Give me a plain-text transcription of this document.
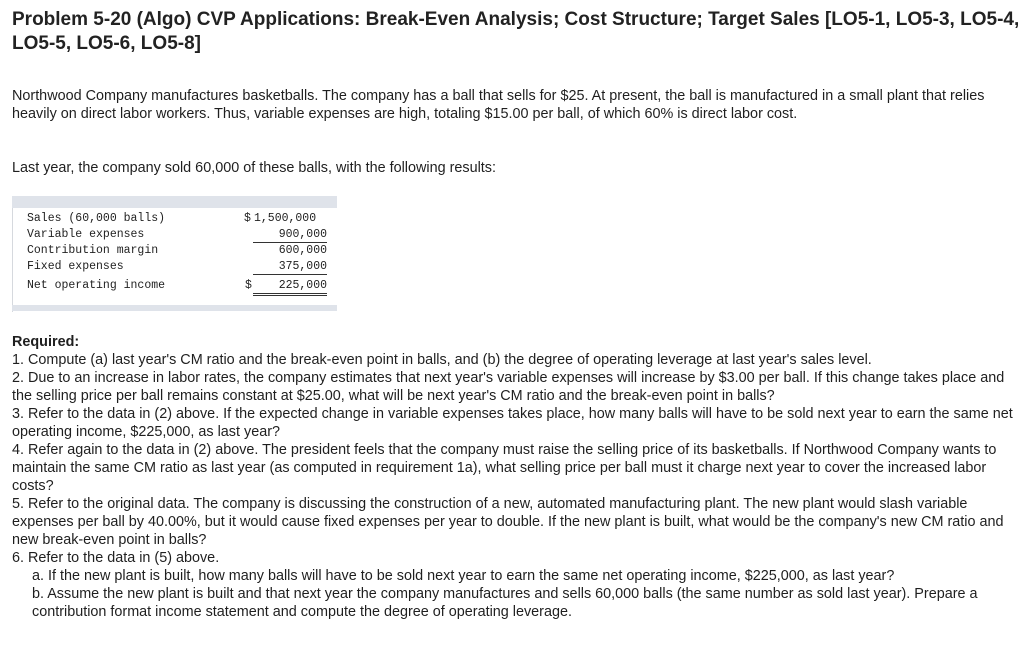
Problem 5-20 (Algo) CVP Applications: Break-Even Analysis; Cost Structure; Target Sales [LO5-1, LO5-3, LO5-4, LO5-5, LO5-6, LO5-8]

Northwood Company manufactures basketballs. The company has a ball that sells for $25. At present, the ball is manufactured in a small plant that relies heavily on direct labor workers. Thus, variable expenses are high, totaling $15.00 per ball, of which 60% is direct labor cost.

Last year, the company sold 60,000 of these balls, with the following results:

Sales (60,000 balls)	$ 1,500,000
Variable expenses	900,000
Contribution margin	600,000
Fixed expenses	375,000
Net operating income	$	225,000
Required:
1. Compute (a) last year's CM ratio and the break-even point in balls, and (b) the degree of operating leverage at last year's sales level.
2. Due to an increase in labor rates, the company estimates that next year's variable expenses will increase by $3.00 per ball. If this change takes place and the selling price per ball remains constant at $25.00, what will be next year's CM ratio and the break-even point in balls?
3. Refer to the data in (2) above. If the expected change in variable expenses takes place, how many balls will have to be sold next year to earn the same net operating income, $225,000, as last year?
4. Refer again to the data in (2) above. The president feels that the company must raise the selling price of its basketballs. If Northwood Company wants to maintain the same CM ratio as last year (as computed in requirement 1a), what selling price per ball must it charge next year to cover the increased labor costs?
5. Refer to the original data. The company is discussing the construction of a new, automated manufacturing plant. The new plant would slash variable expenses per ball by 40.00%, but it would cause fixed expenses per year to double. If the new plant is built, what would be the company's new CM ratio and new break-even point in balls?
6. Refer to the data in (5) above.
a. If the new plant is built, how many balls will have to be sold next year to earn the same net operating income, $225,000, as last year?
b. Assume the new plant is built and that next year the company manufactures and sells 60,000 balls (the same number as sold last year). Prepare a contribution format income statement and compute the degree of operating leverage.
